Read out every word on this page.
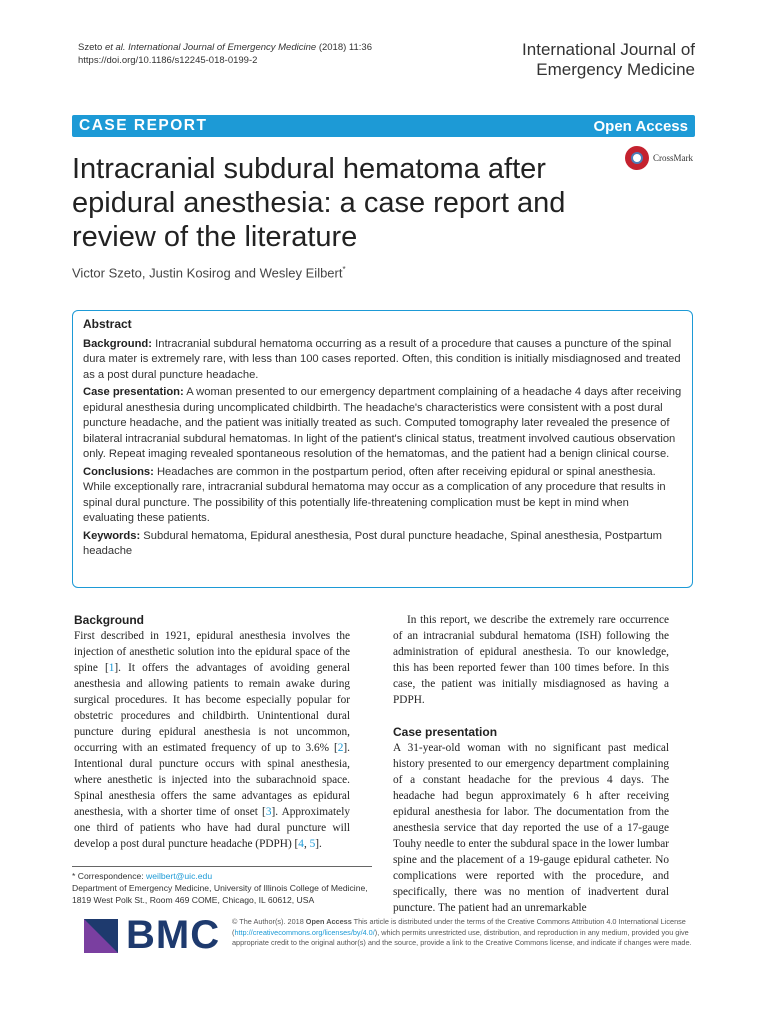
Szeto et al. International Journal of Emergency Medicine (2018) 11:36
https://doi.org/10.1186/s12245-018-0199-2
International Journal of
Emergency Medicine
CASE REPORT	Open Access
Intracranial subdural hematoma after epidural anesthesia: a case report and review of the literature
CrossMark
Victor Szeto, Justin Kosirog and Wesley Eilbert*
Abstract

Background: Intracranial subdural hematoma occurring as a result of a procedure that causes a puncture of the spinal dura mater is extremely rare, with less than 100 cases reported. Often, this condition is initially misdiagnosed and treated as a post dural puncture headache.

Case presentation: A woman presented to our emergency department complaining of a headache 4 days after receiving epidural anesthesia during uncomplicated childbirth. The headache's characteristics were consistent with a post dural puncture headache, and the patient was initially treated as such. Computed tomography later revealed the presence of bilateral intracranial subdural hematomas. In light of the patient's clinical status, treatment involved cautious observation only. Repeat imaging revealed spontaneous resolution of the hematomas, and the patient had a benign clinical course.

Conclusions: Headaches are common in the postpartum period, often after receiving epidural or spinal anesthesia. While exceptionally rare, intracranial subdural hematoma may occur as a complication of any procedure that results in spinal dural puncture. The possibility of this potentially life-threatening complication must be kept in mind when evaluating these patients.

Keywords: Subdural hematoma, Epidural anesthesia, Post dural puncture headache, Spinal anesthesia, Postpartum headache

Background

First described in 1921, epidural anesthesia involves the injection of anesthetic solution into the epidural space of the spine [1]. It offers the advantages of avoiding general anesthesia and allowing patients to remain awake during surgical procedures. It has become especially popular for obstetric procedures and childbirth. Unintentional dural puncture during epidural anesthesia is not uncommon, occurring with an estimated frequency of up to 3.6% [2]. Intentional dural puncture occurs with spinal anesthesia, where anesthetic is injected into the subarachnoid space. Spinal anesthesia offers the same advantages as epidural anesthesia, with a shorter time of onset [3]. Approximately one third of patients who have had dural puncture will develop a post dural puncture headache (PDPH) [4, 5].

In this report, we describe the extremely rare occurrence of an intracranial subdural hematoma (ISH) following the administration of epidural anesthesia. To our knowledge, this has been reported fewer than 100 times before. In this case, the patient was initially misdiagnosed as having a PDPH.

Case presentation

A 31-year-old woman with no significant past medical history presented to our emergency department complaining of a constant headache for the previous 4 days. The headache had begun approximately 6 h after receiving epidural anesthesia for labor. The documentation from the anesthesia service that day reported the use of a 17-gauge Touhy needle to enter the subdural space in the lower lumbar spine and the placement of a 19-gauge epidural catheter. No complications were reported with the procedure, and specifically, there was no mention of inadvertent dural puncture. The patient had an unremarkable

* Correspondence: weilbert@uic.edu
Department of Emergency Medicine, University of Illinois College of Medicine, 1819 West Polk St., Room 469 COME, Chicago, IL 60612, USA
BMC © The Author(s). 2018 Open Access This article is distributed under the terms of the Creative Commons Attribution 4.0 International License (http://creativecommons.org/licenses/by/4.0/), which permits unrestricted use, distribution, and reproduction in any medium, provided you give appropriate credit to the original author(s) and the source, provide a link to the Creative Commons license, and indicate if changes were made.
